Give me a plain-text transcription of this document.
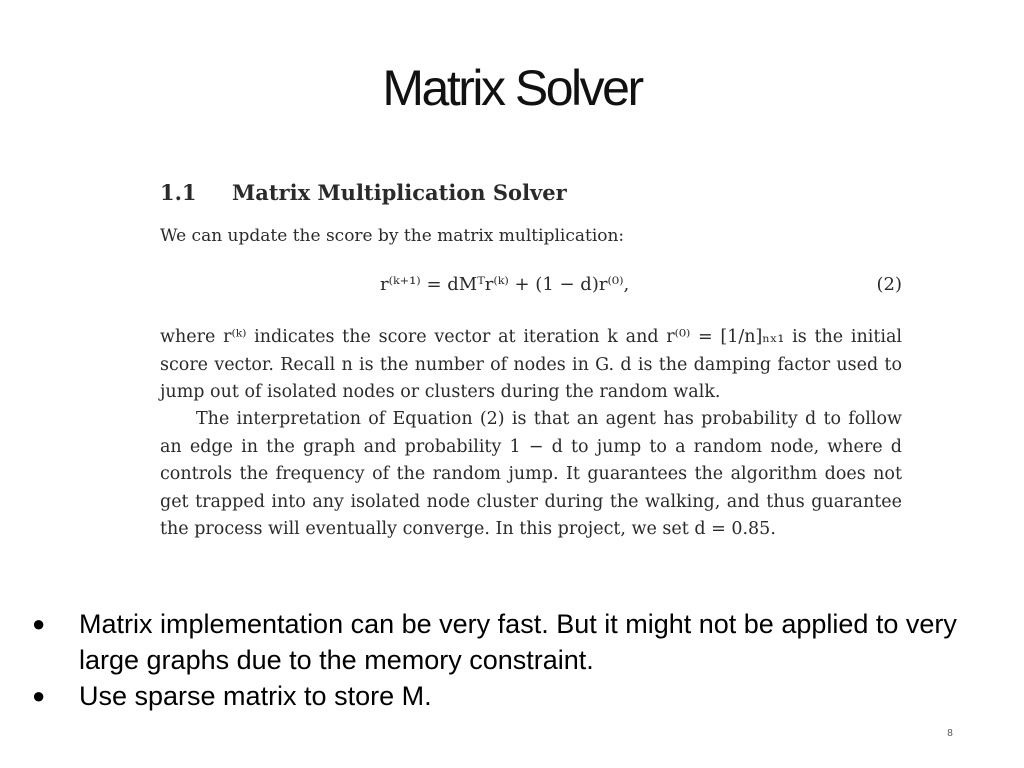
Matrix Solver
1.1 Matrix Multiplication Solver
We can update the score by the matrix multiplication:
r⁽ᵏ⁺¹⁾ = dMᵀr⁽ᵏ⁾ + (1 − d)r⁽⁰⁾,	(2)

where r⁽ᵏ⁾ indicates the score vector at iteration k and r⁽⁰⁾ = [1/n]ₙₓ₁ is the initial score vector. Recall n is the number of nodes in G. d is the damping factor used to jump out of isolated nodes or clusters during the random walk.

The interpretation of Equation (2) is that an agent has probability d to follow an edge in the graph and probability 1 − d to jump to a random node, where d controls the frequency of the random jump. It guarantees the algorithm does not get trapped into any isolated node cluster during the walking, and thus guarantee the process will eventually converge. In this project, we set d = 0.85.

● Matrix implementation can be very fast. But it might not be applied to very large graphs due to the memory constraint.
● Use sparse matrix to store M.
8
